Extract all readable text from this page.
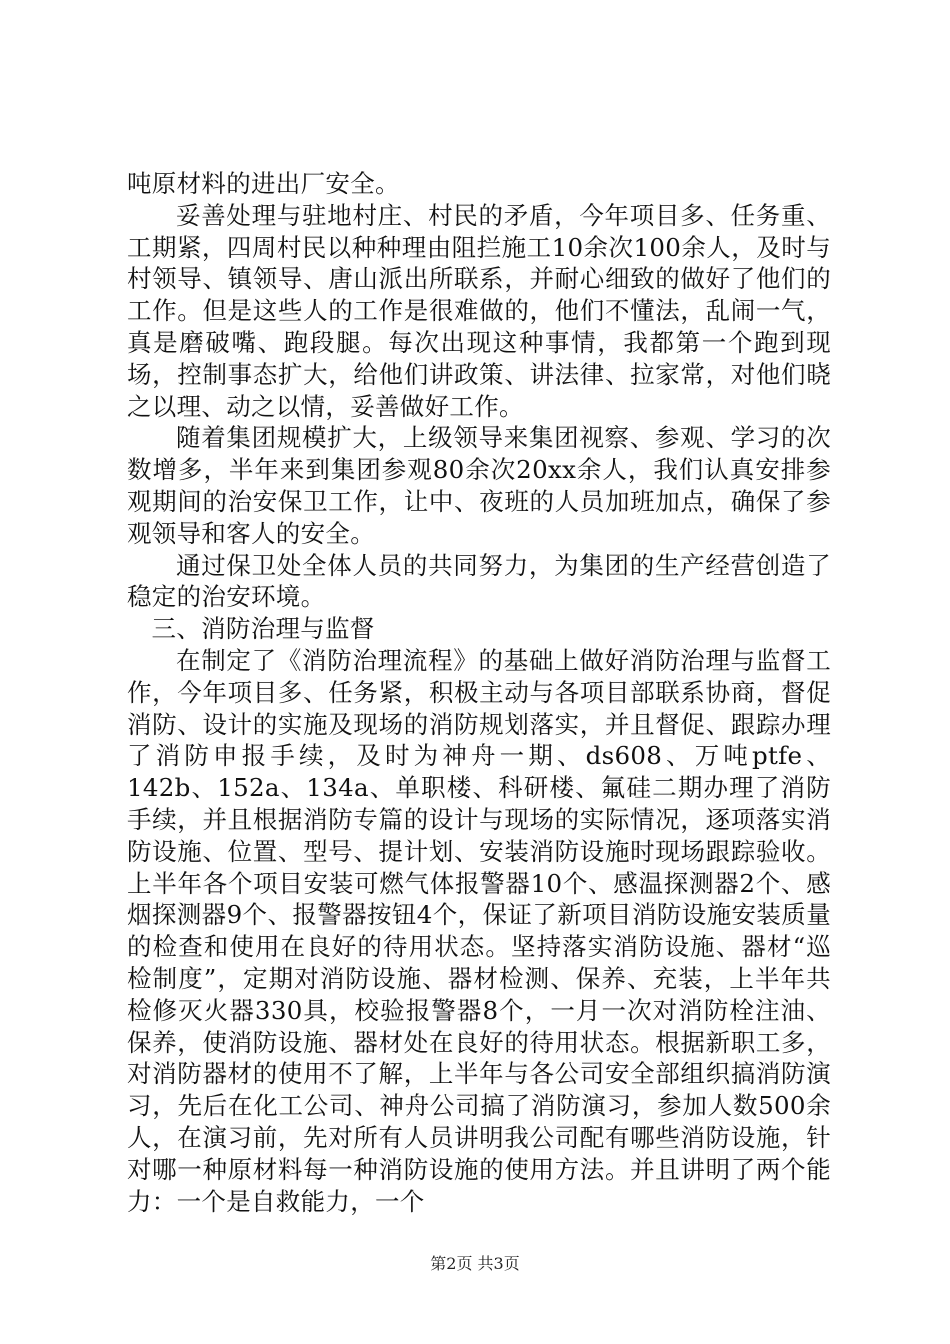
吨原材料的进出厂安全。

妥善处理与驻地村庄、村民的矛盾，今年项目多、任务重、工期紧，四周村民以种种理由阻拦施工10余次100余人，及时与村领导、镇领导、唐山派出所联系，并耐心细致的做好了他们的工作。但是这些人的工作是很难做的，他们不懂法，乱闹一气，真是磨破嘴、跑段腿。每次出现这种事情，我都第一个跑到现场，控制事态扩大，给他们讲政策、讲法律、拉家常，对他们晓之以理、动之以情，妥善做好工作。

随着集团规模扩大，上级领导来集团视察、参观、学习的次数增多，半年来到集团参观80余次20xx余人，我们认真安排参观期间的治安保卫工作，让中、夜班的人员加班加点，确保了参观领导和客人的安全。

通过保卫处全体人员的共同努力，为集团的生产经营创造了稳定的治安环境。

三、消防治理与监督

在制定了《消防治理流程》的基础上做好消防治理与监督工作，今年项目多、任务紧，积极主动与各项目部联系协商，督促消防、设计的实施及现场的消防规划落实，并且督促、跟踪办理了消防申报手续，及时为神舟一期、ds608、万吨ptfe、142b、152a、134a、单职楼、科研楼、氟硅二期办理了消防手续，并且根据消防专篇的设计与现场的实际情况，逐项落实消防设施、位置、型号、提计划、安装消防设施时现场跟踪验收。上半年各个项目安装可燃气体报警器10个、感温探测器2个、感烟探测器9个、报警器按钮4个，保证了新项目消防设施安装质量的检查和使用在良好的待用状态。坚持落实消防设施、器材“巡检制度”，定期对消防设施、器材检测、保养、充装，上半年共检修灭火器330具，校验报警器8个，一月一次对消防栓注油、保养，使消防设施、器材处在良好的待用状态。根据新职工多，对消防器材的使用不了解，上半年与各公司安全部组织搞消防演习，先后在化工公司、神舟公司搞了消防演习，参加人数500余人，在演习前，先对所有人员讲明我公司配有哪些消防设施，针对哪一种原材料每一种消防设施的使用方法。并且讲明了两个能力：一个是自救能力，一个

第2页 共3页
